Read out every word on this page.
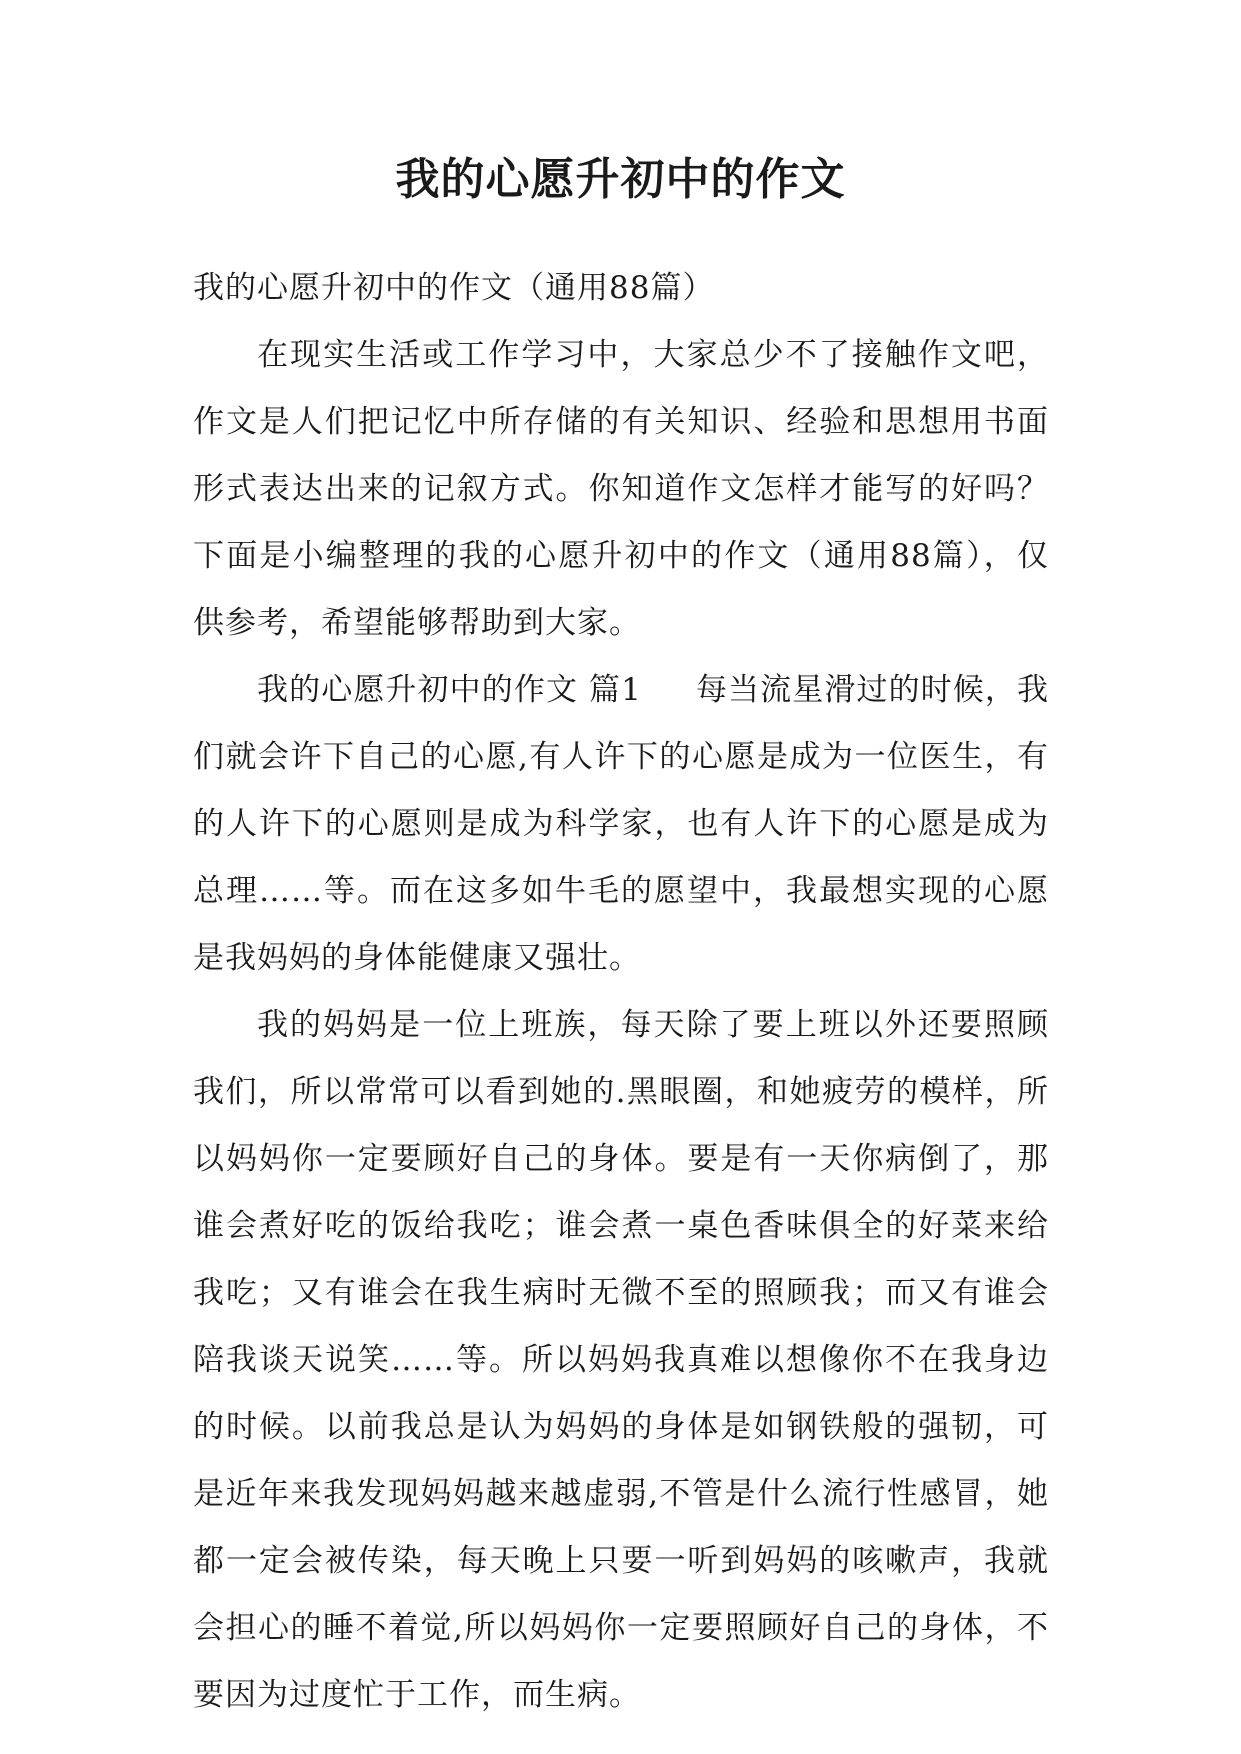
我的心愿升初中的作文

我的心愿升初中的作文（通用88篇）

在现实生活或工作学习中，大家总少不了接触作文吧，作文是人们把记忆中所存储的有关知识、经验和思想用书面形式表达出来的记叙方式。你知道作文怎样才能写的好吗？下面是小编整理的我的心愿升初中的作文（通用88篇），仅供参考，希望能够帮助到大家。

我的心愿升初中的作文 篇1 每当流星滑过的时候，我们就会许下自己的心愿,有人许下的心愿是成为一位医生，有的人许下的心愿则是成为科学家，也有人许下的心愿是成为总理……等。而在这多如牛毛的愿望中，我最想实现的心愿是我妈妈的身体能健康又强壮。

我的妈妈是一位上班族，每天除了要上班以外还要照顾我们，所以常常可以看到她的.黑眼圈，和她疲劳的模样，所以妈妈你一定要顾好自己的身体。要是有一天你病倒了，那谁会煮好吃的饭给我吃；谁会煮一桌色香味俱全的好菜来给我吃；又有谁会在我生病时无微不至的照顾我；而又有谁会陪我谈天说笑……等。所以妈妈我真难以想像你不在我身边的时候。以前我总是认为妈妈的身体是如钢铁般的强韧，可是近年来我发现妈妈越来越虚弱,不管是什么流行性感冒，她都一定会被传染，每天晚上只要一听到妈妈的咳嗽声，我就会担心的睡不着觉,所以妈妈你一定要照顾好自己的身体，不要因为过度忙于工作，而生病。
